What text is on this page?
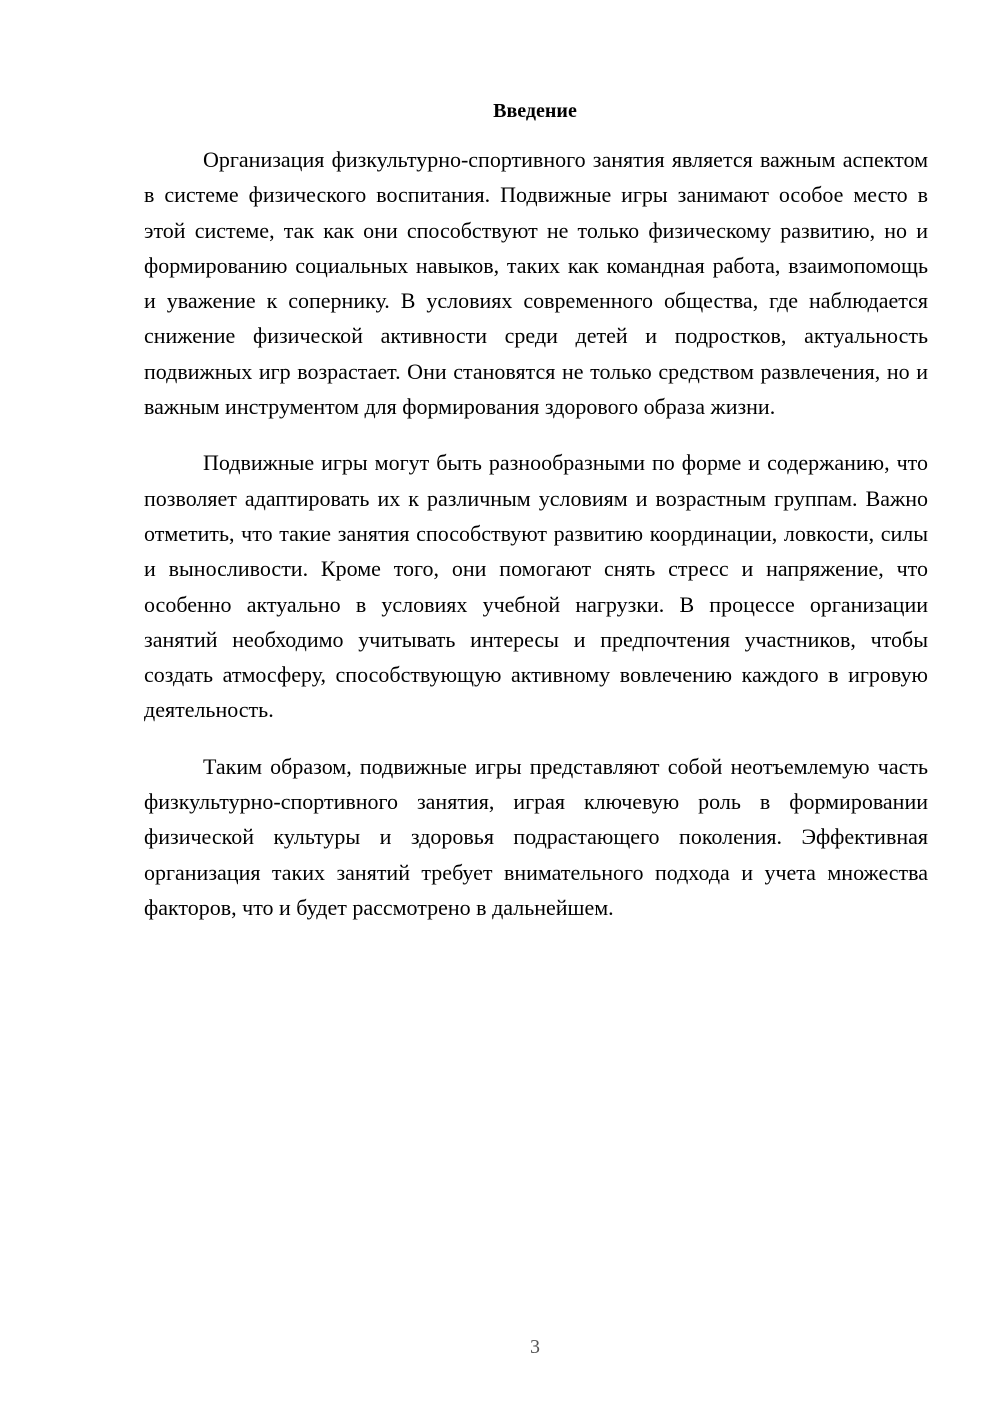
Введение

Организация физкультурно-спортивного занятия является важным аспектом в системе физического воспитания. Подвижные игры занимают особое место в этой системе, так как они способствуют не только физическому развитию, но и формированию социальных навыков, таких как командная работа, взаимопомощь и уважение к сопернику. В условиях современного общества, где наблюдается снижение физической активности среди детей и подростков, актуальность подвижных игр возрастает. Они становятся не только средством развлечения, но и важным инструментом для формирования здорового образа жизни.

Подвижные игры могут быть разнообразными по форме и содержанию, что позволяет адаптировать их к различным условиям и возрастным группам. Важно отметить, что такие занятия способствуют развитию координации, ловкости, силы и выносливости. Кроме того, они помогают снять стресс и напряжение, что особенно актуально в условиях учебной нагрузки. В процессе организации занятий необходимо учитывать интересы и предпочтения участников, чтобы создать атмосферу, способствующую активному вовлечению каждого в игровую деятельность.

Таким образом, подвижные игры представляют собой неотъемлемую часть физкультурно-спортивного занятия, играя ключевую роль в формировании физической культуры и здоровья подрастающего поколения. Эффективная организация таких занятий требует внимательного подхода и учета множества факторов, что и будет рассмотрено в дальнейшем.

3
